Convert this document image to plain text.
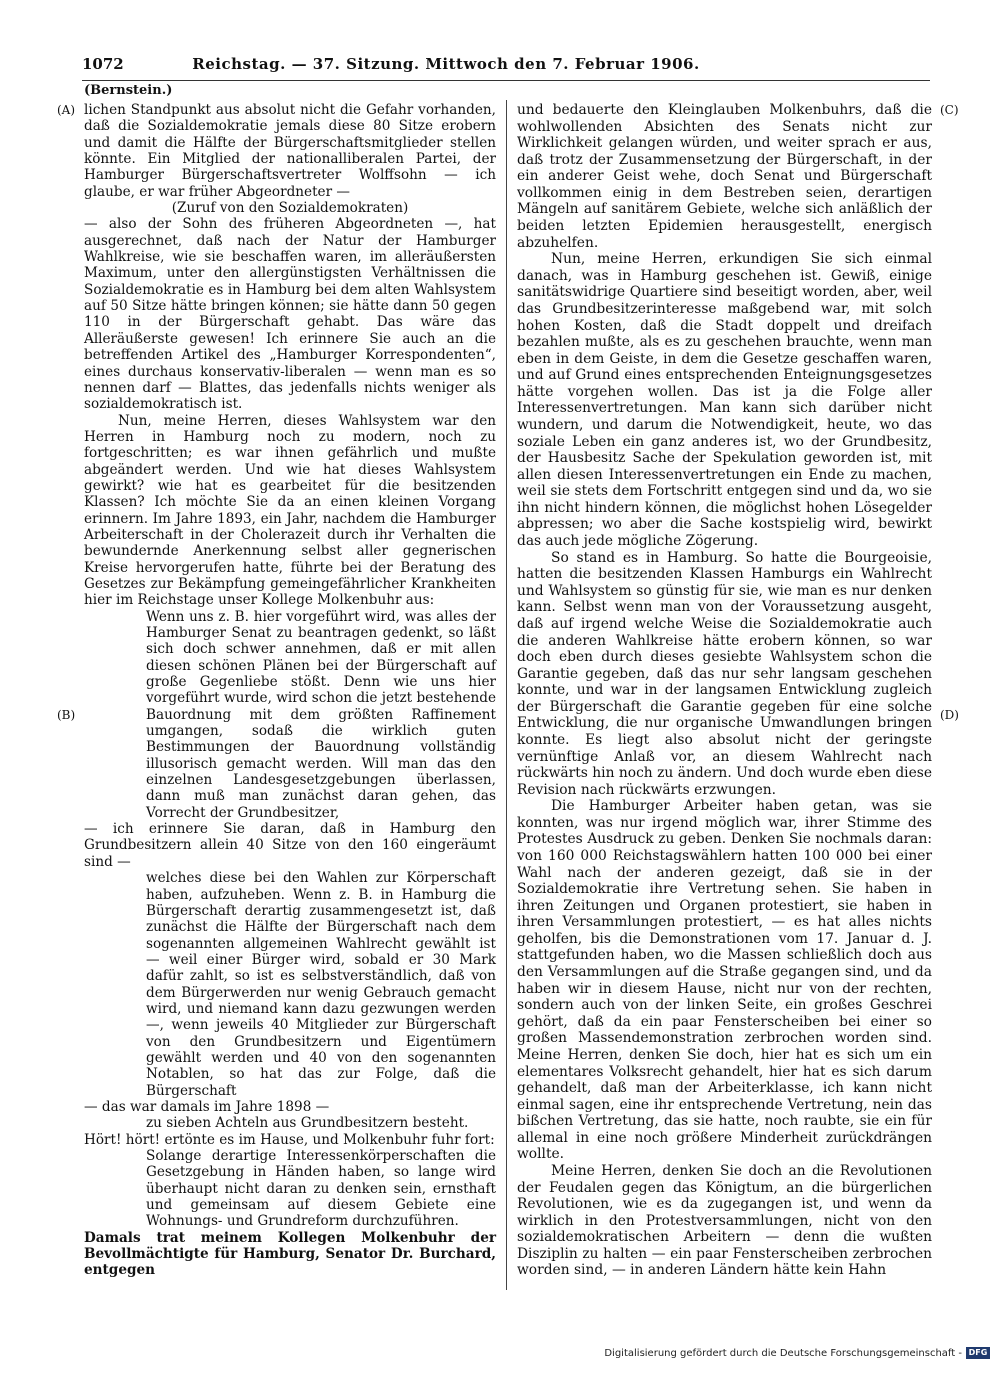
1072	Reichstag. — 37. Sitzung. Mittwoch den 7. Februar 1906.
(Bernstein.)
(A)	(C)
(B)	(D)

lichen Standpunkt aus absolut nicht die Gefahr vorhanden, daß die Sozialdemokratie jemals diese 80 Sitze erobern und damit die Hälfte der Bürgerschaftsmitglieder stellen könnte. Ein Mitglied der nationalliberalen Partei, der Hamburger Bürgerschaftsvertreter Wolffsohn — ich glaube, er war früher Abgeordneter —

(Zuruf von den Sozialdemokraten)

— also der Sohn des früheren Abgeordneten —, hat ausgerechnet, daß nach der Natur der Hamburger Wahlkreise, wie sie beschaffen waren, im alleräußersten Maximum, unter den allergünstigsten Verhältnissen die Sozialdemokratie es in Hamburg bei dem alten Wahlsystem auf 50 Sitze hätte bringen können; sie hätte dann 50 gegen 110 in der Bürgerschaft gehabt. Das wäre das Alleräußerste gewesen! Ich erinnere Sie auch an die betreffenden Artikel des „Hamburger Korrespondenten“, eines durchaus konservativ-liberalen — wenn man es so nennen darf — Blattes, das jedenfalls nichts weniger als sozialdemokratisch ist.

Nun, meine Herren, dieses Wahlsystem war den Herren in Hamburg noch zu modern, noch zu fortgeschritten; es war ihnen gefährlich und mußte abgeändert werden. Und wie hat dieses Wahlsystem gewirkt? wie hat es gearbeitet für die besitzenden Klassen? Ich möchte Sie da an einen kleinen Vorgang erinnern. Im Jahre 1893, ein Jahr, nachdem die Hamburger Arbeiterschaft in der Cholerazeit durch ihr Verhalten die bewundernde Anerkennung selbst aller gegnerischen Kreise hervorgerufen hatte, führte bei der Beratung des Gesetzes zur Bekämpfung gemeingefährlicher Krankheiten hier im Reichstage unser Kollege Molkenbuhr aus:

Wenn uns z. B. hier vorgeführt wird, was alles der Hamburger Senat zu beantragen gedenkt, so läßt sich doch schwer annehmen, daß er mit allen diesen schönen Plänen bei der Bürgerschaft auf große Gegenliebe stößt. Denn wie uns hier vorgeführt wurde, wird schon die jetzt bestehende Bauordnung mit dem größten Raffinement umgangen, sodaß die wirklich guten Bestimmungen der Bauordnung vollständig illusorisch gemacht werden. Will man das den einzelnen Landesgesetzgebungen überlassen, dann muß man zunächst daran gehen, das Vorrecht der Grundbesitzer,

— ich erinnere Sie daran, daß in Hamburg den Grundbesitzern allein 40 Sitze von den 160 eingeräumt sind —

welches diese bei den Wahlen zur Körperschaft haben, aufzuheben. Wenn z. B. in Hamburg die Bürgerschaft derartig zusammengesetzt ist, daß zunächst die Hälfte der Bürgerschaft nach dem sogenannten allgemeinen Wahlrecht gewählt ist — weil einer Bürger wird, sobald er 30 Mark dafür zahlt, so ist es selbstverständlich, daß von dem Bürgerwerden nur wenig Gebrauch gemacht wird, und niemand kann dazu gezwungen werden —, wenn jeweils 40 Mitglieder zur Bürgerschaft von den Grundbesitzern und Eigentümern gewählt werden und 40 von den sogenannten Notablen, so hat das zur Folge, daß die Bürgerschaft

— das war damals im Jahre 1898 —

zu sieben Achteln aus Grundbesitzern besteht.

Hört! hört! ertönte es im Hause, und Molkenbuhr fuhr fort:

Solange derartige Interessenkörperschaften die Gesetzgebung in Händen haben, so lange wird überhaupt nicht daran zu denken sein, ernsthaft und gemeinsam auf diesem Gebiete eine Wohnungs- und Grundreform durchzuführen.

Damals trat meinem Kollegen Molkenbuhr der Bevollmächtigte für Hamburg, Senator Dr. Burchard, entgegen

und bedauerte den Kleinglauben Molkenbuhrs, daß die wohlwollenden Absichten des Senats nicht zur Wirklichkeit gelangen würden, und weiter sprach er aus, daß trotz der Zusammensetzung der Bürgerschaft, in der ein anderer Geist wehe, doch Senat und Bürgerschaft vollkommen einig in dem Bestreben seien, derartigen Mängeln auf sanitärem Gebiete, welche sich anläßlich der beiden letzten Epidemien herausgestellt, energisch abzuhelfen.

Nun, meine Herren, erkundigen Sie sich einmal danach, was in Hamburg geschehen ist. Gewiß, einige sanitätswidrige Quartiere sind beseitigt worden, aber, weil das Grundbesitzerinteresse maßgebend war, mit solch hohen Kosten, daß die Stadt doppelt und dreifach bezahlen mußte, als es zu geschehen brauchte, wenn man eben in dem Geiste, in dem die Gesetze geschaffen waren, und auf Grund eines entsprechenden Enteignungsgesetzes hätte vorgehen wollen. Das ist ja die Folge aller Interessenvertretungen. Man kann sich darüber nicht wundern, und darum die Notwendigkeit, heute, wo das soziale Leben ein ganz anderes ist, wo der Grundbesitz, der Hausbesitz Sache der Spekulation geworden ist, mit allen diesen Interessenvertretungen ein Ende zu machen, weil sie stets dem Fortschritt entgegen sind und da, wo sie ihn nicht hindern können, die möglichst hohen Lösegelder abpressen; wo aber die Sache kostspielig wird, bewirkt das auch jede mögliche Zögerung.

So stand es in Hamburg. So hatte die Bourgeoisie, hatten die besitzenden Klassen Hamburgs ein Wahlrecht und Wahlsystem so günstig für sie, wie man es nur denken kann. Selbst wenn man von der Voraussetzung ausgeht, daß auf irgend welche Weise die Sozialdemokratie auch die anderen Wahlkreise hätte erobern können, so war doch eben durch dieses gesiebte Wahlsystem schon die Garantie gegeben, daß das nur sehr langsam geschehen konnte, und war in der langsamen Entwicklung zugleich der Bürgerschaft die Garantie gegeben für eine solche Entwicklung, die nur organische Umwandlungen bringen konnte. Es liegt also absolut nicht der geringste vernünftige Anlaß vor, an diesem Wahlrecht nach rückwärts hin noch zu ändern. Und doch wurde eben diese Revision nach rückwärts erzwungen.

Die Hamburger Arbeiter haben getan, was sie konnten, was nur irgend möglich war, ihrer Stimme des Protestes Ausdruck zu geben. Denken Sie nochmals daran: von 160 000 Reichstagswählern hatten 100 000 bei einer Wahl nach der anderen gezeigt, daß sie in der Sozialdemokratie ihre Vertretung sehen. Sie haben in ihren Zeitungen und Organen protestiert, sie haben in ihren Versammlungen protestiert, — es hat alles nichts geholfen, bis die Demonstrationen vom 17. Januar d. J. stattgefunden haben, wo die Massen schließlich doch aus den Versammlungen auf die Straße gegangen sind, und da haben wir in diesem Hause, nicht nur von der rechten, sondern auch von der linken Seite, ein großes Geschrei gehört, daß da ein paar Fensterscheiben bei einer so großen Massendemonstration zerbrochen worden sind. Meine Herren, denken Sie doch, hier hat es sich um ein elementares Volksrecht gehandelt, hier hat es sich darum gehandelt, daß man der Arbeiterklasse, ich kann nicht einmal sagen, eine ihr entsprechende Vertretung, nein das bißchen Vertretung, das sie hatte, noch raubte, sie ein für allemal in eine noch größere Minderheit zurückdrängen wollte.

Meine Herren, denken Sie doch an die Revolutionen der Feudalen gegen das Königtum, an die bürgerlichen Revolutionen, wie es da zugegangen ist, und wenn da wirklich in den Protestversammlungen, nicht von den sozialdemokratischen Arbeitern — denn die wußten Disziplin zu halten — ein paar Fensterscheiben zerbrochen worden sind, — in anderen Ländern hätte kein Hahn

Digitalisierung gefördert durch die Deutsche Forschungsgemeinschaft - DFG
